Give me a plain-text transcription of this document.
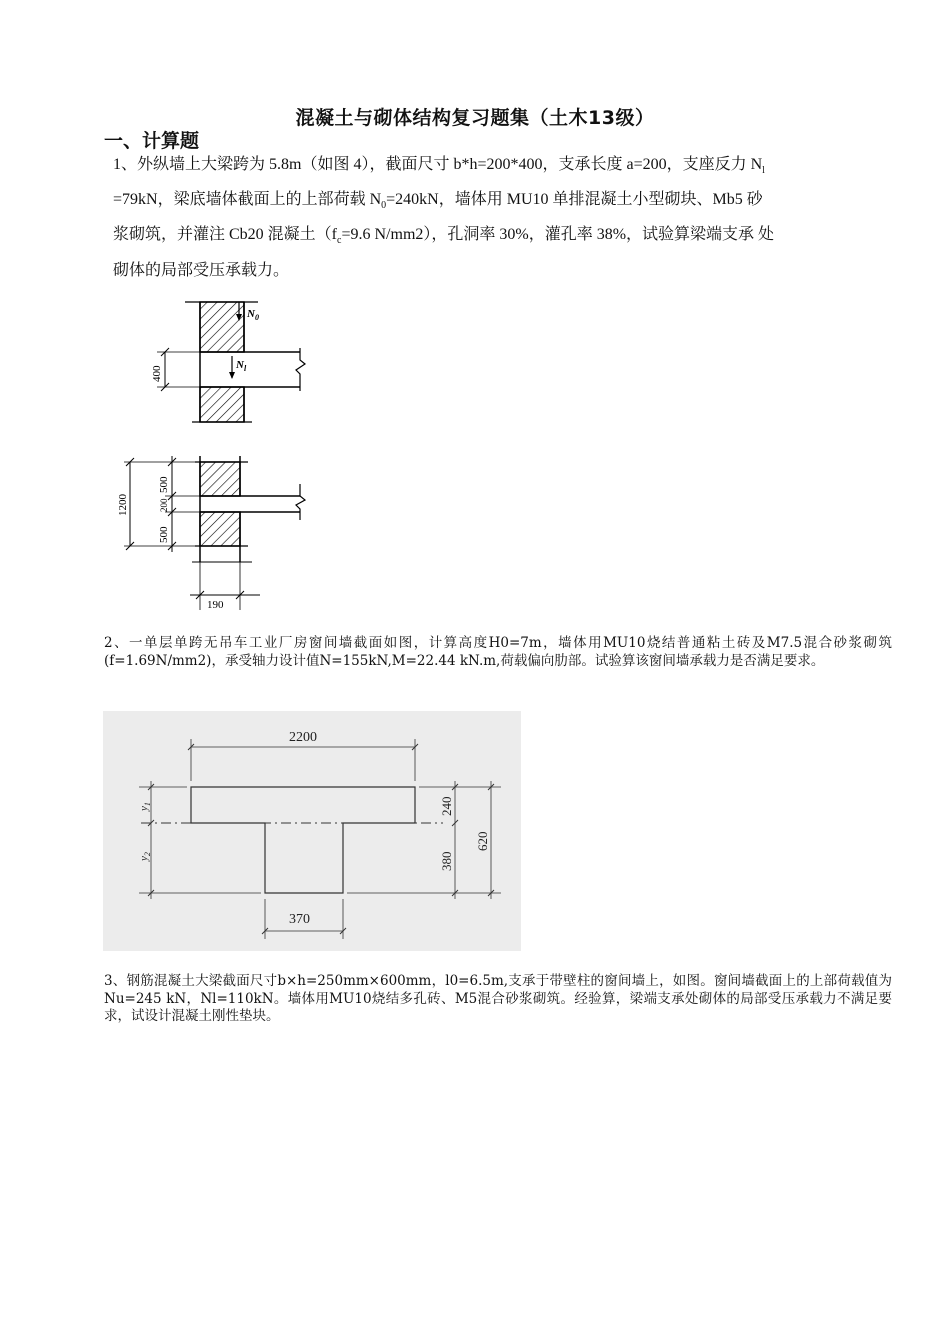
混凝土与砌体结构复习题集（土木13级）
一、计算题
1、外纵墙上大梁跨为 5.8m（如图 4），截面尺寸 b*h=200*400，支承长度 a=200，支座反力 $N_l$
=79kN，梁底墙体截面上的上部荷载 $N_0=240kN$，墙体用 MU10 单排混凝土小型砌块、Mb5 砂
浆砌筑，并灌注 Cb20 混凝土（$f_c=9.6$ N/mm2），孔洞率 30%，灌孔率 38%，试验算梁端支承 处
砌体的局部受压承载力。
$N_0$
$N_l$
400
1200
500
200
500
190
2、一单层单跨无吊车工业厂房窗间墙截面如图，计算高度H0=7m，墙体用MU10烧结普通粘土砖及M7.5混合砂浆砌筑(f=1.69N/mm2)，承受轴力设计值N=155kN,M=22.44 kN.m,荷载偏向肋部。试验算该窗间墙承载力是否满足要求。
2200
370
240
380
620
$y_1$
$y_2$
3、钢筋混凝土大梁截面尺寸b×h=250mm×600mm，l0=6.5m,支承于带壁柱的窗间墙上，如图。窗间墙截面上的上部荷载值为Nu=245 kN，Nl=110kN。墙体用MU10烧结多孔砖、M5混合砂浆砌筑。经验算，梁端支承处砌体的局部受压承载力不满足要求，试设计混凝土刚性垫块。
